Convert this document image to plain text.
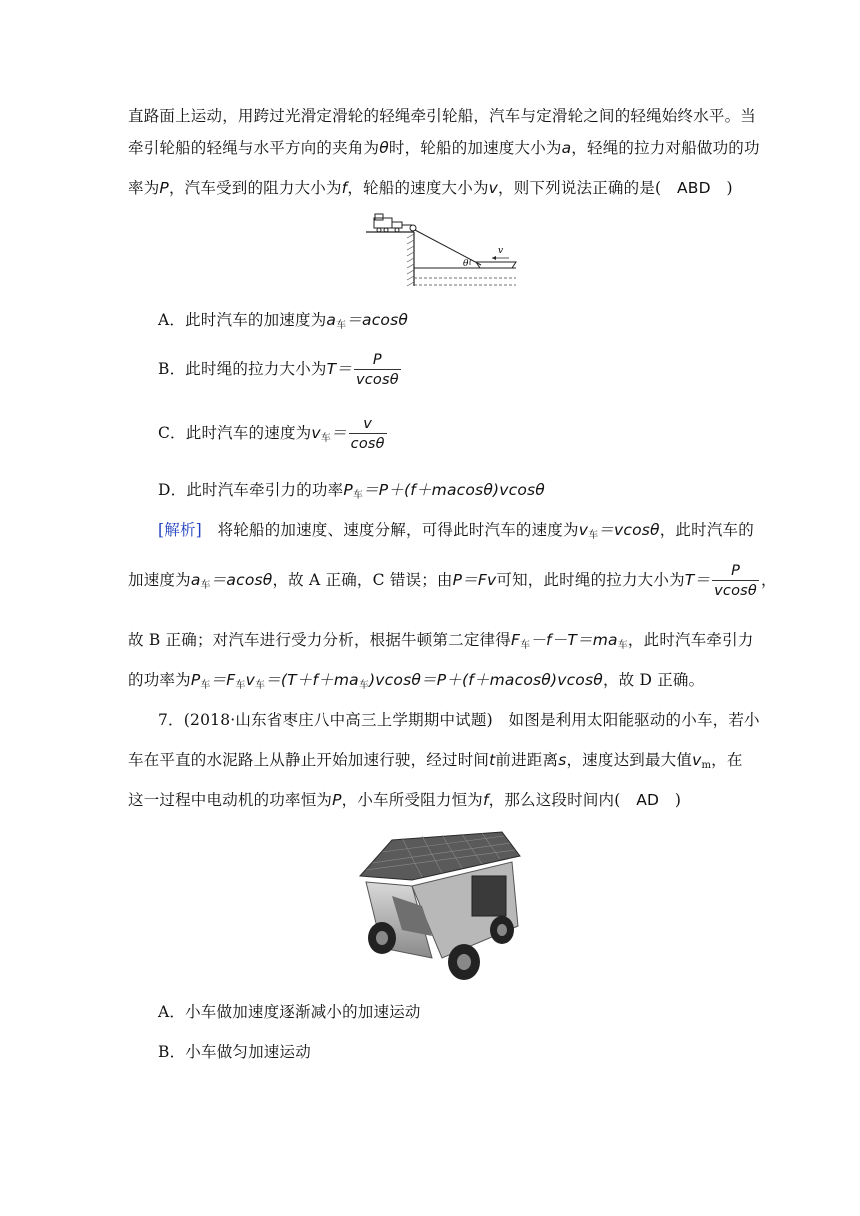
直路面上运动，用跨过光滑定滑轮的轻绳牵引轮船，汽车与定滑轮之间的轻绳始终水平。当
牵引轮船的轻绳与水平方向的夹角为θ时，轮船的加速度大小为a，轻绳的拉力对船做功的功
率为P，汽车受到的阻力大小为f，轮船的速度大小为v，则下列说法正确的是(　ABD　)
θ
v
A．此时汽车的加速度为$a_车=acos\theta$
B．此时绳的拉力大小为$T= \frac{P}{vcos\theta}$
C．此时汽车的速度为$v_车= \frac{v}{\cos\theta}$
D．此时汽车牵引力的功率$P_车=P+(f+macos\theta)vcos\theta$
[解析]　将轮船的加速度、速度分解，可得此时汽车的速度为$v_车=vcos\theta$，此时汽车的
加速度为$a_车=acos\theta$，故 A 正确，C 错误；由P＝Fv可知，此时绳的拉力大小为$T= \frac{P}{vcos\theta}$ ，
故 B 正确；对汽车进行受力分析，根据牛顿第二定律得$F_车-f-T=ma_车$，此时汽车牵引力
的功率为$P_车=F_车v_车=(T+f+ma_车)vcos\theta=P+(f+macos\theta)vcos\theta$，故 D 正确。
7．(2018·山东省枣庄八中高三上学期期中试题)　如图是利用太阳能驱动的小车，若小
车在平直的水泥路上从静止开始加速行驶，经过时间t前进距离s，速度达到最大值$v_m$，在
这一过程中电动机的功率恒为P，小车所受阻力恒为f，那么这段时间内(　AD　)
A．小车做加速度逐渐减小的加速运动
B．小车做匀加速运动
